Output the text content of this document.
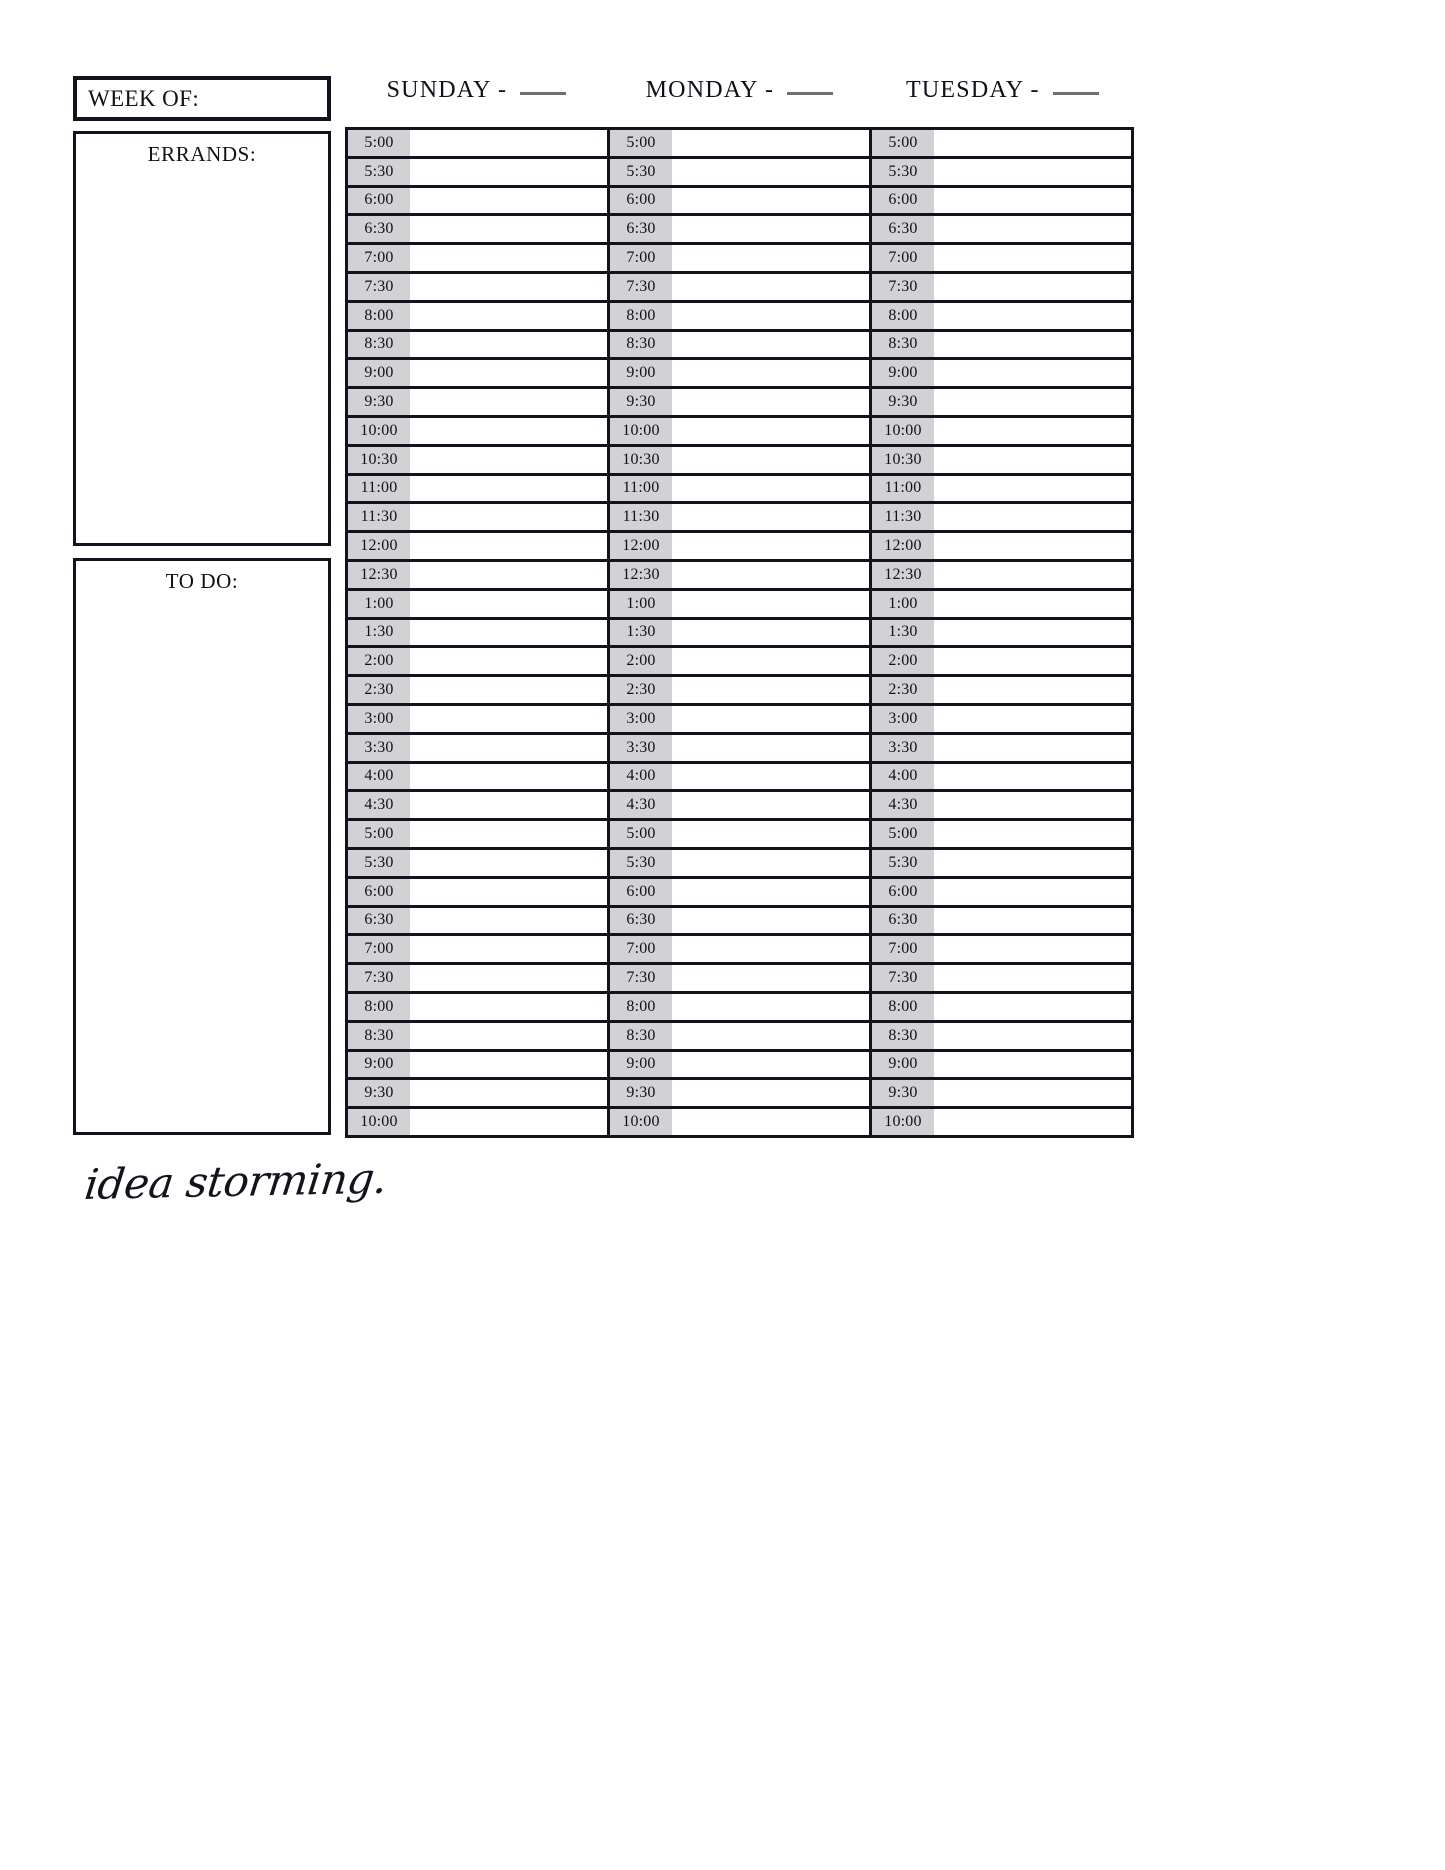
WEEK OF:
ERRANDS:
TO DO:
idea storming.
SUNDAY -	MONDAY -	TUESDAY -
5:00
5:30
6:00
6:30
7:00
7:30
8:00
8:30
9:00
9:30
10:00
10:30
11:00
11:30
12:00
12:30
1:00
1:30
2:00
2:30
3:00
3:30
4:00
4:30
5:00
5:30
6:00
6:30
7:00
7:30
8:00
8:30
9:00
9:30
10:00
5:00
5:30
6:00
6:30
7:00
7:30
8:00
8:30
9:00
9:30
10:00
10:30
11:00
11:30
12:00
12:30
1:00
1:30
2:00
2:30
3:00
3:30
4:00
4:30
5:00
5:30
6:00
6:30
7:00
7:30
8:00
8:30
9:00
9:30
10:00
5:00
5:30
6:00
6:30
7:00
7:30
8:00
8:30
9:00
9:30
10:00
10:30
11:00
11:30
12:00
12:30
1:00
1:30
2:00
2:30
3:00
3:30
4:00
4:30
5:00
5:30
6:00
6:30
7:00
7:30
8:00
8:30
9:00
9:30
10:00
